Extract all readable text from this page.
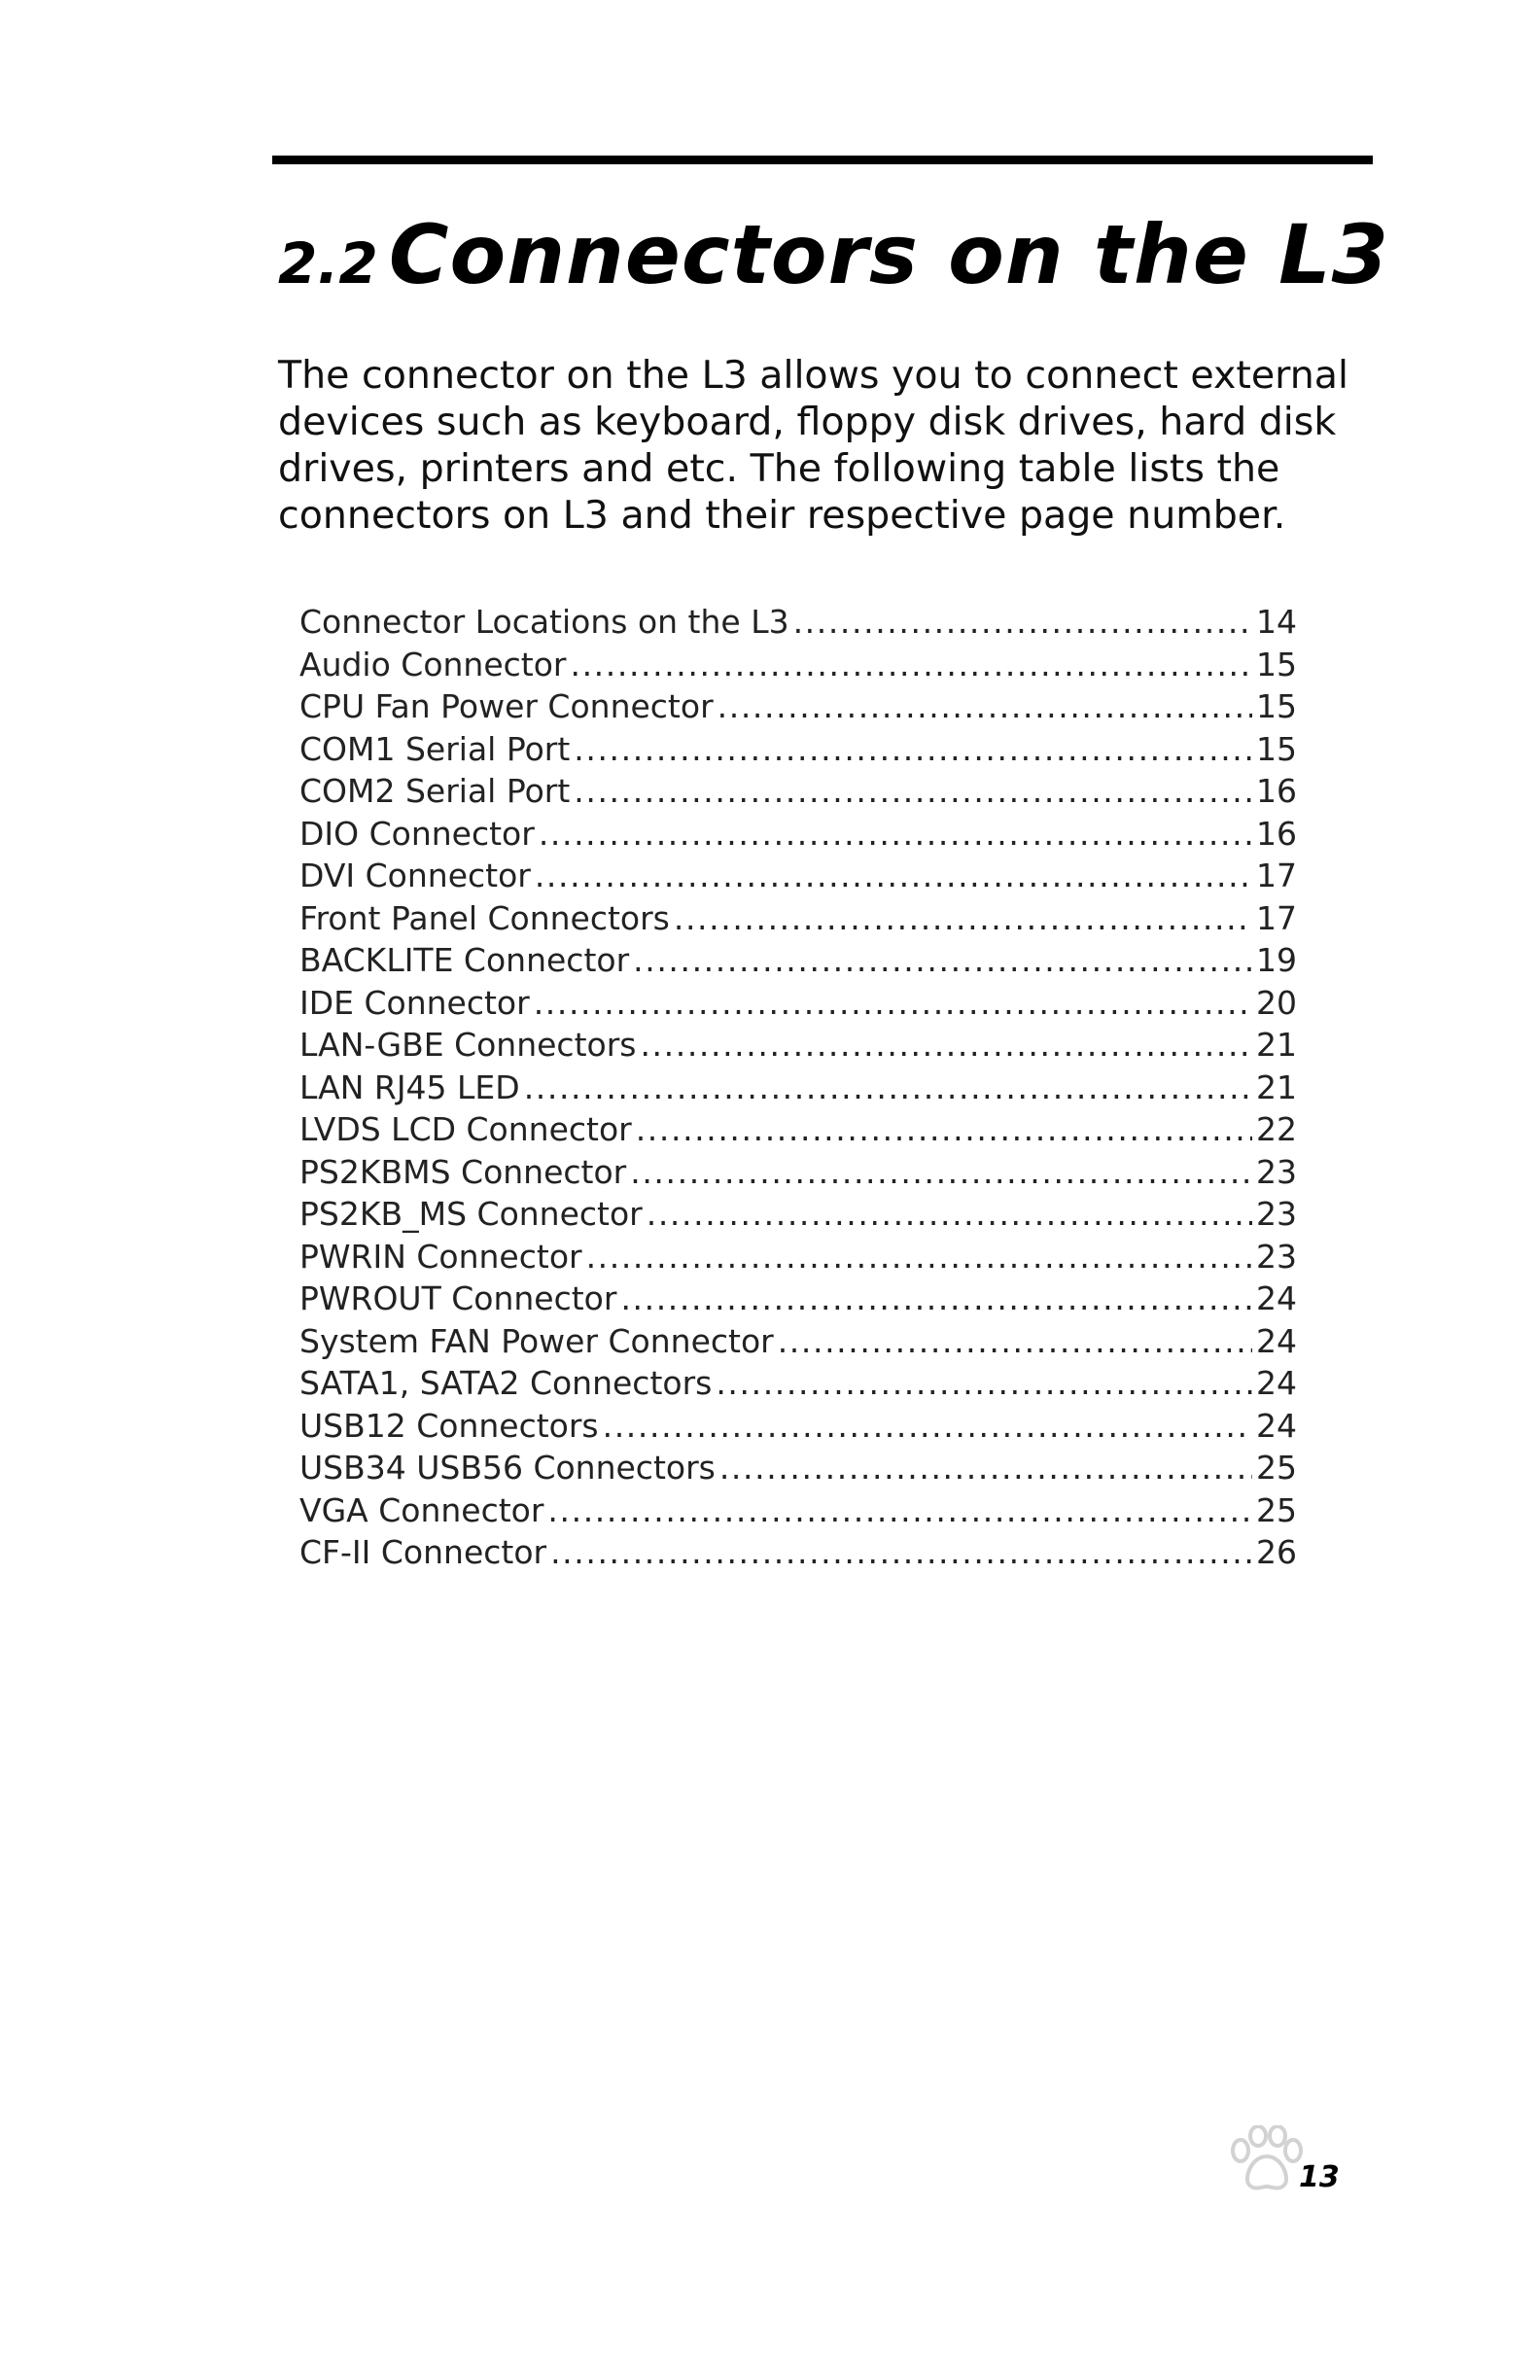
2.2 Connectors on the L3

The connector on the L3 allows you to connect external devices such as keyboard, floppy disk drives, hard disk drives, printers and etc. The following table lists the connectors on L3 and their respective page number.

Connector Locations on the L3 .....	14
Audio Connector .....	15
CPU Fan Power Connector .....	15
COM1 Serial Port .....	15
COM2 Serial Port .....	16
DIO Connector .....	16
DVI Connector .....	17
Front Panel Connectors .....	17
BACKLITE Connector .....	19
IDE Connector .....	20
LAN-GBE Connectors .....	21
LAN RJ45 LED .....	21
LVDS LCD Connector .....	22
PS2KBMS Connector .....	23
PS2KB_MS Connector .....	23
PWRIN Connector .....	23
PWROUT Connector .....	24
System FAN Power Connector .....	24
SATA1, SATA2 Connectors .....	24
USB12 Connectors .....	24
USB34 USB56 Connectors .....	25
VGA Connector .....	25
CF-II Connector .....	26
13
